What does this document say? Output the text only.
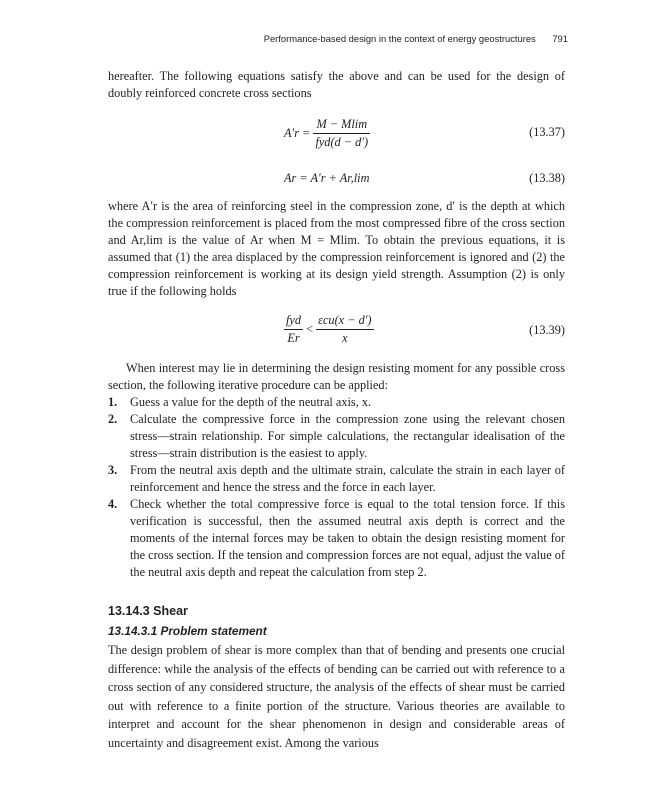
Performance-based design in the context of energy geostructures 791

hereafter. The following equations satisfy the above and can be used for the design of doubly reinforced concrete cross sections

$A'r = \frac{M - Mlim}{\text{fyd(d − d′)}}$	(13.37)
Ar = A′r + Ar,lim	(13.38)

where A′r is the area of reinforcing steel in the compression zone, d′ is the depth at which the compression reinforcement is placed from the most compressed fibre of the cross section and Ar,lim is the value of Ar when M = Mlim. To obtain the previous equations, it is assumed that (1) the area displaced by the compression reinforcement is ignored and (2) the compression reinforcement is working at its design yield strength. Assumption (2) is only true if the following holds

$\frac{\text{fyd}}{Er} < \frac{\text{εcu(x − d′)}}{x}$	(13.39)

When interest may lie in determining the design resisting moment for any possible cross section, the following iterative procedure can be applied:

1. Guess a value for the depth of the neutral axis, x.
2. Calculate the compressive force in the compression zone using the relevant chosen stress—strain relationship. For simple calculations, the rectangular idealisation of the stress—strain distribution is the easiest to apply.
3. From the neutral axis depth and the ultimate strain, calculate the strain in each layer of reinforcement and hence the stress and the force in each layer.
4. Check whether the total compressive force is equal to the total tension force. If this verification is successful, then the assumed neutral axis depth is correct and the moments of the internal forces may be taken to obtain the design resisting moment for the cross section. If the tension and compression forces are not equal, adjust the value of the neutral axis depth and repeat the calculation from step 2.
13.14.3 Shear
13.14.3.1 Problem statement

The design problem of shear is more complex than that of bending and presents one crucial difference: while the analysis of the effects of bending can be carried out with reference to a cross section of any considered structure, the analysis of the effects of shear must be carried out with reference to a finite portion of the structure. Various theories are available to interpret and account for the shear phenomenon in design and considerable areas of uncertainty and disagreement exist. Among the various
